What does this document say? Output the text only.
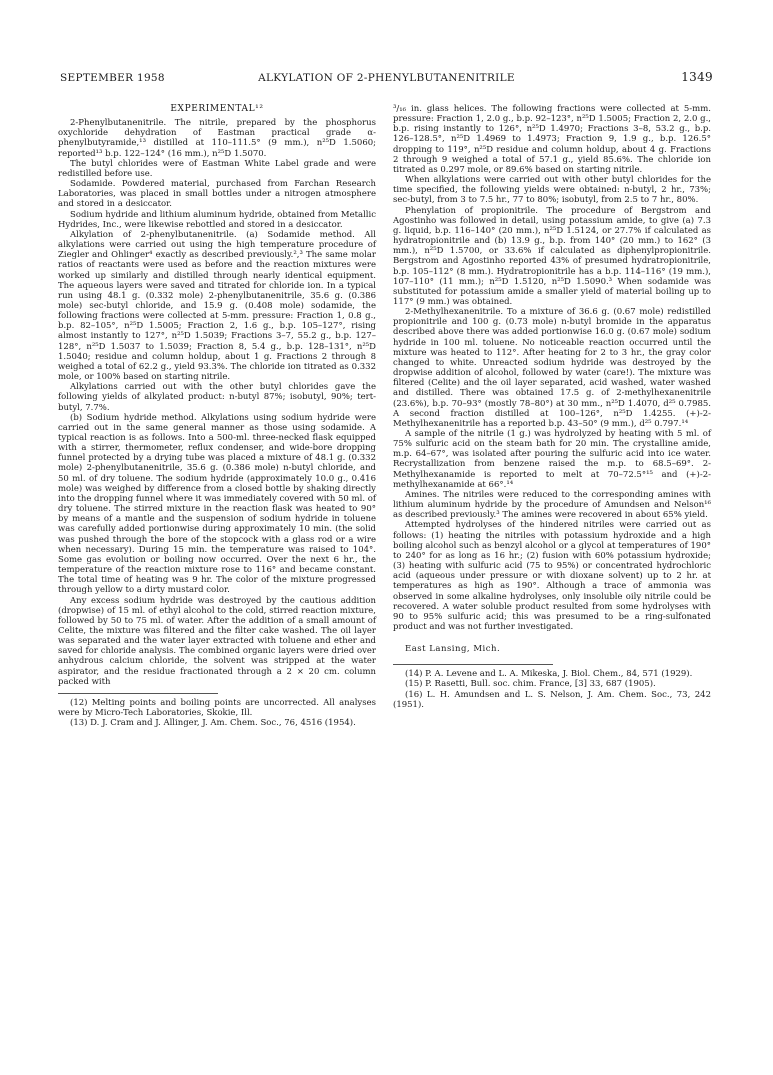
SEPTEMBER 1958	ALKYLATION OF 2-PHENYLBUTANENITRILE	1349
EXPERIMENTAL¹²

2-Phenylbutanenitrile. The nitrile, prepared by the phosphorus oxychloride dehydration of Eastman practical grade α-phenylbutyramide,¹³ distilled at 110–111.5° (9 mm.), n²⁵D 1.5060; reported¹³ b.p. 122–124° (16 mm.), n²⁵D 1.5070.

The butyl chlorides were of Eastman White Label grade and were redistilled before use.

Sodamide. Powdered material, purchased from Farchan Research Laboratories, was placed in small bottles under a nitrogen atmosphere and stored in a desiccator.

Sodium hydride and lithium aluminum hydride, obtained from Metallic Hydrides, Inc., were likewise rebottled and stored in a desiccator.

Alkylation of 2-phenylbutanenitrile. (a) Sodamide method. All alkylations were carried out using the high temperature procedure of Ziegler and Ohlinger⁴ exactly as described previously.²,³ The same molar ratios of reactants were used as before and the reaction mixtures were worked up similarly and distilled through nearly identical equipment. The aqueous layers were saved and titrated for chloride ion. In a typical run using 48.1 g. (0.332 mole) 2-phenylbutanenitrile, 35.6 g. (0.386 mole) sec-butyl chloride, and 15.9 g. (0.408 mole) sodamide, the following fractions were collected at 5-mm. pressure: Fraction 1, 0.8 g., b.p. 82–105°, n²⁵D 1.5005; Fraction 2, 1.6 g., b.p. 105–127°, rising almost instantly to 127°, n²⁵D 1.5039; Fractions 3–7, 55.2 g., b.p. 127–128°, n²⁵D 1.5037 to 1.5039; Fraction 8, 5.4 g., b.p. 128–131°, n²⁵D 1.5040; residue and column holdup, about 1 g. Fractions 2 through 8 weighed a total of 62.2 g., yield 93.3%. The chloride ion titrated as 0.332 mole, or 100% based on starting nitrile.

Alkylations carried out with the other butyl chlorides gave the following yields of alkylated product: n-butyl 87%; isobutyl, 90%; tert-butyl, 7.7%.

(b) Sodium hydride method. Alkylations using sodium hydride were carried out in the same general manner as those using sodamide. A typical reaction is as follows. Into a 500-ml. three-necked flask equipped with a stirrer, thermometer, reflux condenser, and wide-bore dropping funnel protected by a drying tube was placed a mixture of 48.1 g. (0.332 mole) 2-phenylbutanenitrile, 35.6 g. (0.386 mole) n-butyl chloride, and 50 ml. of dry toluene. The sodium hydride (approximately 10.0 g., 0.416 mole) was weighed by difference from a closed bottle by shaking directly into the dropping funnel where it was immediately covered with 50 ml. of dry toluene. The stirred mixture in the reaction flask was heated to 90° by means of a mantle and the suspension of sodium hydride in toluene was carefully added portionwise during approximately 10 min. (the solid was pushed through the bore of the stopcock with a glass rod or a wire when necessary). During 15 min. the temperature was raised to 104°. Some gas evolution or boiling now occurred. Over the next 6 hr., the temperature of the reaction mixture rose to 116° and became constant. The total time of heating was 9 hr. The color of the mixture progressed through yellow to a dirty mustard color.

Any excess sodium hydride was destroyed by the cautious addition (dropwise) of 15 ml. of ethyl alcohol to the cold, stirred reaction mixture, followed by 50 to 75 ml. of water. After the addition of a small amount of Celite, the mixture was filtered and the filter cake washed. The oil layer was separated and the water layer extracted with toluene and ether and saved for chloride analysis. The combined organic layers were dried over anhydrous calcium chloride, the solvent was stripped at the water aspirator, and the residue fractionated through a 2 × 20 cm. column packed with

(12) Melting points and boiling points are uncorrected. All analyses were by Micro-Tech Laboratories, Skokie, Ill.

(13) D. J. Cram and J. Allinger, J. Am. Chem. Soc., 76, 4516 (1954).

³/₁₆ in. glass helices. The following fractions were collected at 5-mm. pressure: Fraction 1, 2.0 g., b.p. 92–123°, n²⁵D 1.5005; Fraction 2, 2.0 g., b.p. rising instantly to 126°, n²⁵D 1.4970; Fractions 3–8, 53.2 g., b.p. 126–128.5°, n²⁵D 1.4969 to 1.4973; Fraction 9, 1.9 g., b.p. 126.5° dropping to 119°, n²⁵D residue and column holdup, about 4 g. Fractions 2 through 9 weighed a total of 57.1 g., yield 85.6%. The chloride ion titrated as 0.297 mole, or 89.6% based on starting nitrile.

When alkylations were carried out with other butyl chlorides for the time specified, the following yields were obtained: n-butyl, 2 hr., 73%; sec-butyl, from 3 to 7.5 hr., 77 to 80%; isobutyl, from 2.5 to 7 hr., 80%.

Phenylation of propionitrile. The procedure of Bergstrom and Agostinho was followed in detail, using potassium amide, to give (a) 7.3 g. liquid, b.p. 116–140° (20 mm.), n²⁵D 1.5124, or 27.7% if calculated as hydratropionitrile and (b) 13.9 g., b.p. from 140° (20 mm.) to 162° (3 mm.), n²⁵D 1.5700, or 33.6% if calculated as diphenylpropionitrile. Bergstrom and Agostinho reported 43% of presumed hydratropionitrile, b.p. 105–112° (8 mm.). Hydratropionitrile has a b.p. 114–116° (19 mm.), 107–110° (11 mm.); n²⁵D 1.5120, n²⁵D 1.5090.³ When sodamide was substituted for potassium amide a smaller yield of material boiling up to 117° (9 mm.) was obtained.

2-Methylhexanenitrile. To a mixture of 36.6 g. (0.67 mole) redistilled propionitrile and 100 g. (0.73 mole) n-butyl bromide in the apparatus described above there was added portionwise 16.0 g. (0.67 mole) sodium hydride in 100 ml. toluene. No noticeable reaction occurred until the mixture was heated to 112°. After heating for 2 to 3 hr., the gray color changed to white. Unreacted sodium hydride was destroyed by the dropwise addition of alcohol, followed by water (care!). The mixture was filtered (Celite) and the oil layer separated, acid washed, water washed and distilled. There was obtained 17.5 g. of 2-methylhexanenitrile (23.6%), b.p. 70–93° (mostly 78–80°) at 30 mm., n²⁵D 1.4070, d²⁵ 0.7985. A second fraction distilled at 100–126°, n²⁵D 1.4255. (+)-2-Methylhexanenitrile has a reported b.p. 43–50° (9 mm.), d²⁵ 0.797.¹⁴

A sample of the nitrile (1 g.) was hydrolyzed by heating with 5 ml. of 75% sulfuric acid on the steam bath for 20 min. The crystalline amide, m.p. 64–67°, was isolated after pouring the sulfuric acid into ice water. Recrystallization from benzene raised the m.p. to 68.5–69°. 2-Methylhexanamide is reported to melt at 70–72.5°¹⁵ and (+)-2-methylhexanamide at 66°.¹⁴

Amines. The nitriles were reduced to the corresponding amines with lithium aluminum hydride by the procedure of Amundsen and Nelson¹⁶ as described previously.³ The amines were recovered in about 65% yield.

Attempted hydrolyses of the hindered nitriles were carried out as follows: (1) heating the nitriles with potassium hydroxide and a high boiling alcohol such as benzyl alcohol or a glycol at temperatures of 190° to 240° for as long as 16 hr.; (2) fusion with 60% potassium hydroxide; (3) heating with sulfuric acid (75 to 95%) or concentrated hydrochloric acid (aqueous under pressure or with dioxane solvent) up to 2 hr. at temperatures as high as 190°. Although a trace of ammonia was observed in some alkaline hydrolyses, only insoluble oily nitrile could be recovered. A water soluble product resulted from some hydrolyses with 90 to 95% sulfuric acid; this was presumed to be a ring-sulfonated product and was not further investigated.

East Lansing, Mich.

(14) P. A. Levene and L. A. Mikeska, J. Biol. Chem., 84, 571 (1929).

(15) P. Rasetti, Bull. soc. chim. France, [3] 33, 687 (1905).

(16) L. H. Amundsen and L. S. Nelson, J. Am. Chem. Soc., 73, 242 (1951).
